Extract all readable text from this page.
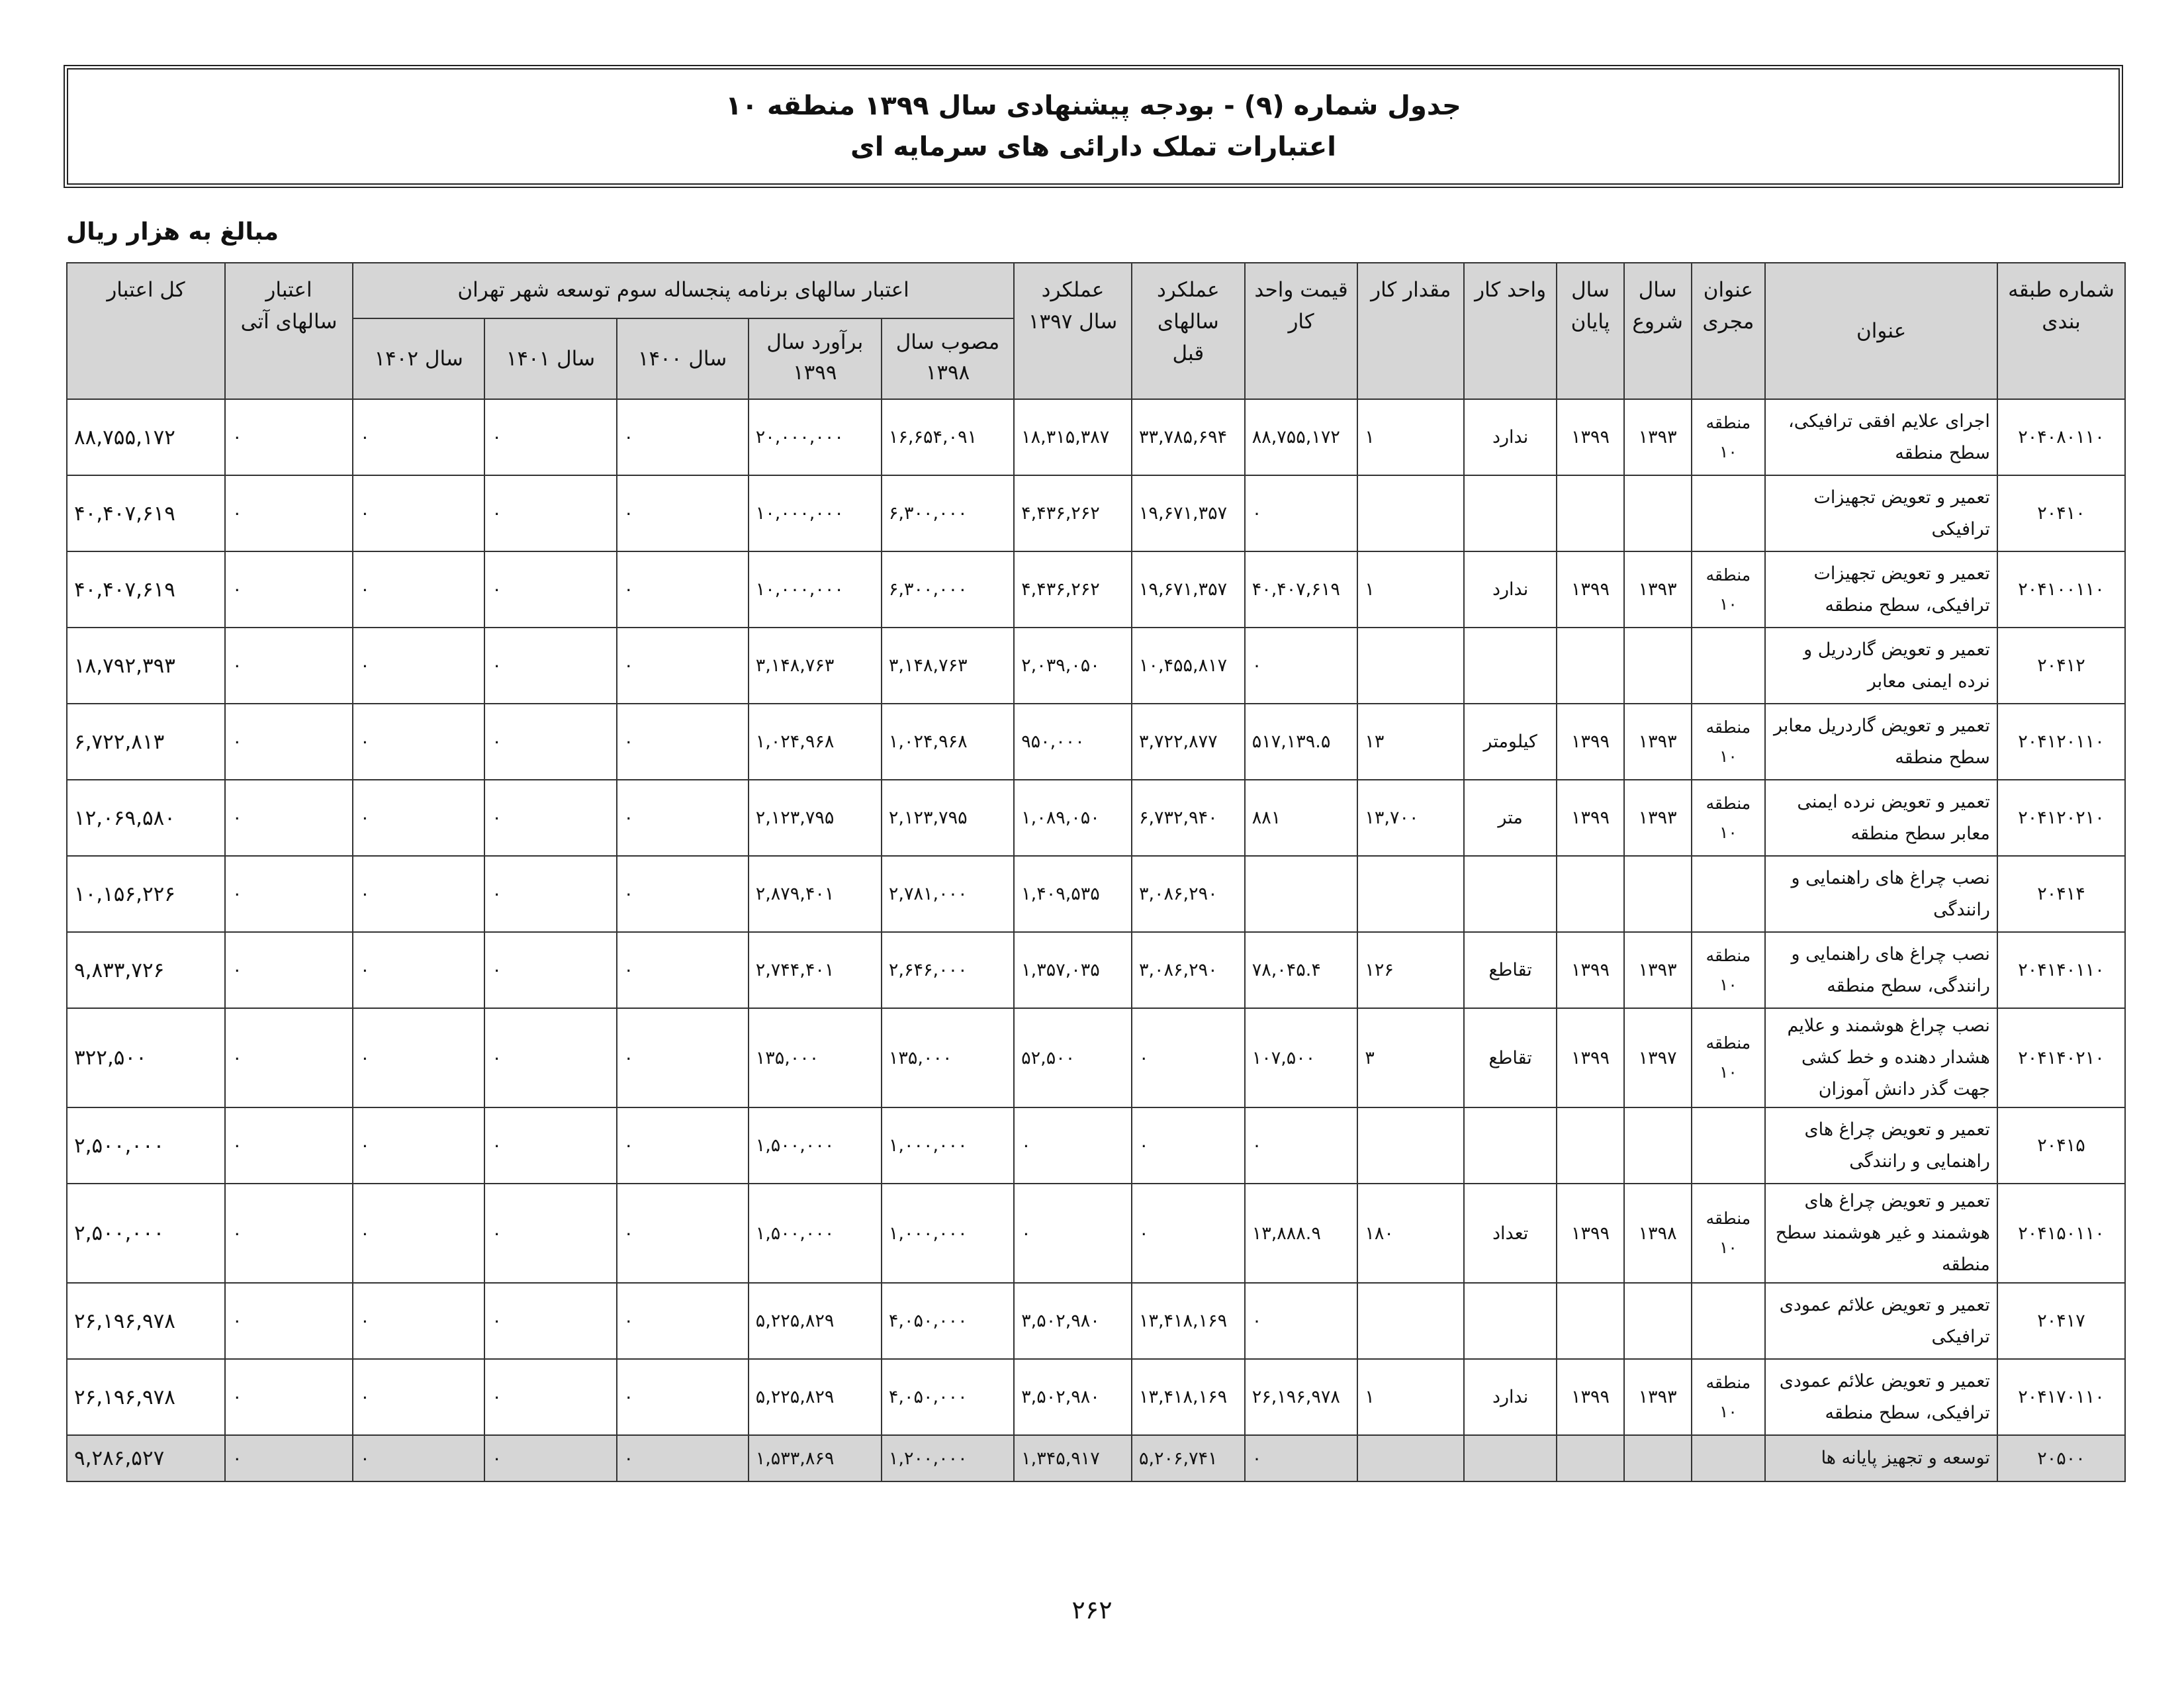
جدول شماره (۹) - بودجه پیشنهادی سال ۱۳۹۹ منطقه ۱۰
اعتبارات تملک دارائی های سرمایه ای
مبالغ به هزار ریال
شماره طبقه بندی	عنوان	عنوان مجری	سال شروع	سال پایان	واحد کار	مقدار کار	قیمت واحد کار	عملکرد سالهای قبل	عملکرد سال ۱۳۹۷	اعتبار سالهای برنامه پنجساله سوم توسعه شهر تهران					اعتبار سالهای آتی	کل اعتبار
										مصوب سال ۱۳۹۸	برآورد سال ۱۳۹۹	سال ۱۴۰۰	سال ۱۴۰۱	سال ۱۴۰۲		
۲۰۴۰۸۰۱۱۰	اجرای علایم افقی ترافیکی، سطح منطقه	منطقه ۱۰	۱۳۹۳	۱۳۹۹	ندارد	۱	۸۸,۷۵۵,۱۷۲	۳۳,۷۸۵,۶۹۴	۱۸,۳۱۵,۳۸۷	۱۶,۶۵۴,۰۹۱	۲۰,۰۰۰,۰۰۰	۰	۰	۰	۰	۸۸,۷۵۵,۱۷۲
۲۰۴۱۰	تعمیر و تعویض تجهیزات ترافیکی						۰	۱۹,۶۷۱,۳۵۷	۴,۴۳۶,۲۶۲	۶,۳۰۰,۰۰۰	۱۰,۰۰۰,۰۰۰	۰	۰	۰	۰	۴۰,۴۰۷,۶۱۹
۲۰۴۱۰۰۱۱۰	تعمیر و تعویض تجهیزات ترافیکی، سطح منطقه	منطقه ۱۰	۱۳۹۳	۱۳۹۹	ندارد	۱	۴۰,۴۰۷,۶۱۹	۱۹,۶۷۱,۳۵۷	۴,۴۳۶,۲۶۲	۶,۳۰۰,۰۰۰	۱۰,۰۰۰,۰۰۰	۰	۰	۰	۰	۴۰,۴۰۷,۶۱۹
۲۰۴۱۲	تعمیر و تعویض گاردریل و نرده ایمنی معابر						۰	۱۰,۴۵۵,۸۱۷	۲,۰۳۹,۰۵۰	۳,۱۴۸,۷۶۳	۳,۱۴۸,۷۶۳	۰	۰	۰	۰	۱۸,۷۹۲,۳۹۳
۲۰۴۱۲۰۱۱۰	تعمیر و تعویض گاردریل معابر سطح منطقه	منطقه ۱۰	۱۳۹۳	۱۳۹۹	کیلومتر	۱۳	۵۱۷,۱۳۹.۵	۳,۷۲۲,۸۷۷	۹۵۰,۰۰۰	۱,۰۲۴,۹۶۸	۱,۰۲۴,۹۶۸	۰	۰	۰	۰	۶,۷۲۲,۸۱۳
۲۰۴۱۲۰۲۱۰	تعمیر و تعویض نرده ایمنی معابر سطح منطقه	منطقه ۱۰	۱۳۹۳	۱۳۹۹	متر	۱۳,۷۰۰	۸۸۱	۶,۷۳۲,۹۴۰	۱,۰۸۹,۰۵۰	۲,۱۲۳,۷۹۵	۲,۱۲۳,۷۹۵	۰	۰	۰	۰	۱۲,۰۶۹,۵۸۰
۲۰۴۱۴	نصب چراغ های راهنمایی و رانندگی							۳,۰۸۶,۲۹۰	۱,۴۰۹,۵۳۵	۲,۷۸۱,۰۰۰	۲,۸۷۹,۴۰۱	۰	۰	۰	۰	۱۰,۱۵۶,۲۲۶
۲۰۴۱۴۰۱۱۰	نصب چراغ های راهنمایی و رانندگی، سطح منطقه	منطقه ۱۰	۱۳۹۳	۱۳۹۹	تقاطع	۱۲۶	۷۸,۰۴۵.۴	۳,۰۸۶,۲۹۰	۱,۳۵۷,۰۳۵	۲,۶۴۶,۰۰۰	۲,۷۴۴,۴۰۱	۰	۰	۰	۰	۹,۸۳۳,۷۲۶
۲۰۴۱۴۰۲۱۰	نصب چراغ هوشمند و علایم هشدار دهنده و خط کشی جهت گذر دانش آموزان	منطقه ۱۰	۱۳۹۷	۱۳۹۹	تقاطع	۳	۱۰۷,۵۰۰	۰	۵۲,۵۰۰	۱۳۵,۰۰۰	۱۳۵,۰۰۰	۰	۰	۰	۰	۳۲۲,۵۰۰
۲۰۴۱۵	تعمیر و تعویض چراغ های راهنمایی و رانندگی						۰	۰	۰	۱,۰۰۰,۰۰۰	۱,۵۰۰,۰۰۰	۰	۰	۰	۰	۲,۵۰۰,۰۰۰
۲۰۴۱۵۰۱۱۰	تعمیر و تعویض چراغ های هوشمند و غیر هوشمند سطح منطقه	منطقه ۱۰	۱۳۹۸	۱۳۹۹	تعداد	۱۸۰	۱۳,۸۸۸.۹	۰	۰	۱,۰۰۰,۰۰۰	۱,۵۰۰,۰۰۰	۰	۰	۰	۰	۲,۵۰۰,۰۰۰
۲۰۴۱۷	تعمیر و تعویض علائم عمودی ترافیکی						۰	۱۳,۴۱۸,۱۶۹	۳,۵۰۲,۹۸۰	۴,۰۵۰,۰۰۰	۵,۲۲۵,۸۲۹	۰	۰	۰	۰	۲۶,۱۹۶,۹۷۸
۲۰۴۱۷۰۱۱۰	تعمیر و تعویض علائم عمودی ترافیکی، سطح منطقه	منطقه ۱۰	۱۳۹۳	۱۳۹۹	ندارد	۱	۲۶,۱۹۶,۹۷۸	۱۳,۴۱۸,۱۶۹	۳,۵۰۲,۹۸۰	۴,۰۵۰,۰۰۰	۵,۲۲۵,۸۲۹	۰	۰	۰	۰	۲۶,۱۹۶,۹۷۸
۲۰۵۰۰	توسعه و تجهیز پایانه ها						۰	۵,۲۰۶,۷۴۱	۱,۳۴۵,۹۱۷	۱,۲۰۰,۰۰۰	۱,۵۳۳,۸۶۹	۰	۰	۰	۰	۹,۲۸۶,۵۲۷
۲۶۲
